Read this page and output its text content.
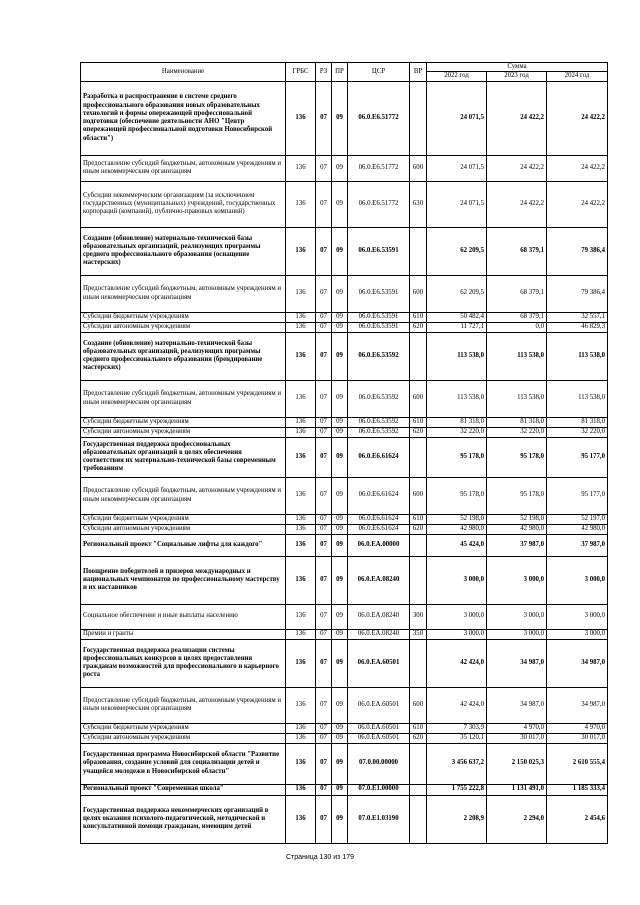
Наименование	ГРБС	РЗ	ПР	ЦСР	ВР	Сумма		
						2022 год	2023 год	2024 год
Разработка и распространение в системе среднего профессионального образования новых образовательных технологий и формы опережающей профессиональной подготовки (обеспечение деятельности АНО "Центр опережающей профессиональной подготовки Новосибирской области")	136	07	09	06.0.E6.51772		24 071,5	24 422,2	24 422,2
Предоставление субсидий бюджетным, автономным учреждениям и иным некоммерческим организациям	136	07	09	06.0.E6.51772	600	24 071,5	24 422,2	24 422,2
Субсидии некоммерческим организациям (за исключением государственных (муниципальных) учреждений, государственных корпораций (компаний), публично-правовых компаний)	136	07	09	06.0.E6.51772	630	24 071,5	24 422,2	24 422,2
Создание (обновление) материально-технической базы образовательных организаций, реализующих программы среднего профессионального образования (оснащение мастерских)	136	07	09	06.0.E6.53591		62 209,5	68 379,1	79 386,4
Предоставление субсидий бюджетным, автономным учреждениям и иным некоммерческим организациям	136	07	09	06.0.E6.53591	600	62 209,5	68 379,1	79 386,4
Субсидии бюджетным учреждениям	136	07	09	06.0.E6.53591	610	50 482,4	68 379,1	32 557,1
Субсидии автономным учреждениям	136	07	09	06.0.E6.53591	620	11 727,1	0,0	46 829,3
Создание (обновление) материально-технической базы образовательных организаций, реализующих программы среднего профессионального образования (брендирование мастерских)	136	07	09	06.0.E6.53592		113 538,0	113 538,0	113 538,0
Предоставление субсидий бюджетным, автономным учреждениям и иным некоммерческим организациям	136	07	09	06.0.E6.53592	600	113 538,0	113 538,0	113 538,0
Субсидии бюджетным учреждениям	136	07	09	06.0.E6.53592	610	81 318,0	81 318,0	81 318,0
Субсидии автономным учреждениям	136	07	09	06.0.E6.53592	620	32 220,0	32 220,0	32 220,0
Государственная поддержка профессиональных образовательных организаций в целях обеспечения соответствия их материально-технической базы современным требованиям	136	07	09	06.0.E6.61624		95 178,0	95 178,0	95 177,0
Предоставление субсидий бюджетным, автономным учреждениям и иным некоммерческим организациям	136	07	09	06.0.E6.61624	600	95 178,0	95 178,0	95 177,0
Субсидии бюджетным учреждениям	136	07	09	06.0.E6.61624	610	52 198,0	52 198,0	52 197,0
Субсидии автономным учреждениям	136	07	09	06.0.E6.61624	620	42 980,0	42 980,0	42 980,0
Региональный проект "Социальные лифты для каждого"	136	07	09	06.0.EA.00000		45 424,0	37 987,0	37 987,0
Поощрение победителей и призеров международных и национальных чемпионатов по профессиональному мастерству и их наставников	136	07	09	06.0.EA.08240		3 000,0	3 000,0	3 000,0
Социальное обеспечение и иные выплаты населению	136	07	09	06.0.EA.08240	300	3 000,0	3 000,0	3 000,0
Премии и гранты	136	07	09	06.0.EA.08240	350	3 000,0	3 000,0	3 000,0
Государственная поддержка реализации системы профессиональных конкурсов в целях предоставления гражданам возможностей для профессионального и карьерного роста	136	07	09	06.0.EA.60501		42 424,0	34 987,0	34 987,0
Предоставление субсидий бюджетным, автономным учреждениям и иным некоммерческим организациям	136	07	09	06.0.EA.60501	600	42 424,0	34 987,0	34 987,0
Субсидии бюджетным учреждениям	136	07	09	06.0.EA.60501	610	7 303,9	4 970,0	4 970,0
Субсидии автономным учреждениям	136	07	09	06.0.EA.60501	620	35 120,1	30 017,0	30 017,0
Государственная программа Новосибирской области "Развитие образования, создание условий для социализации детей и учащейся молодежи в Новосибирской области"	136	07	09	07.0.00.00000		3 456 637,2	2 150 025,3	2 610 555,4
Региональный проект "Современная школа"	136	07	09	07.0.E1.00000		1 755 222,8	1 131 491,0	1 185 333,4
Государственная поддержка некоммерческих организаций в целях оказания психолого-педагогической, методической и консультативной помощи гражданам, имеющим детей	136	07	09	07.0.E1.03190		2 208,9	2 294,0	2 454,6
Страница 130 из 179
